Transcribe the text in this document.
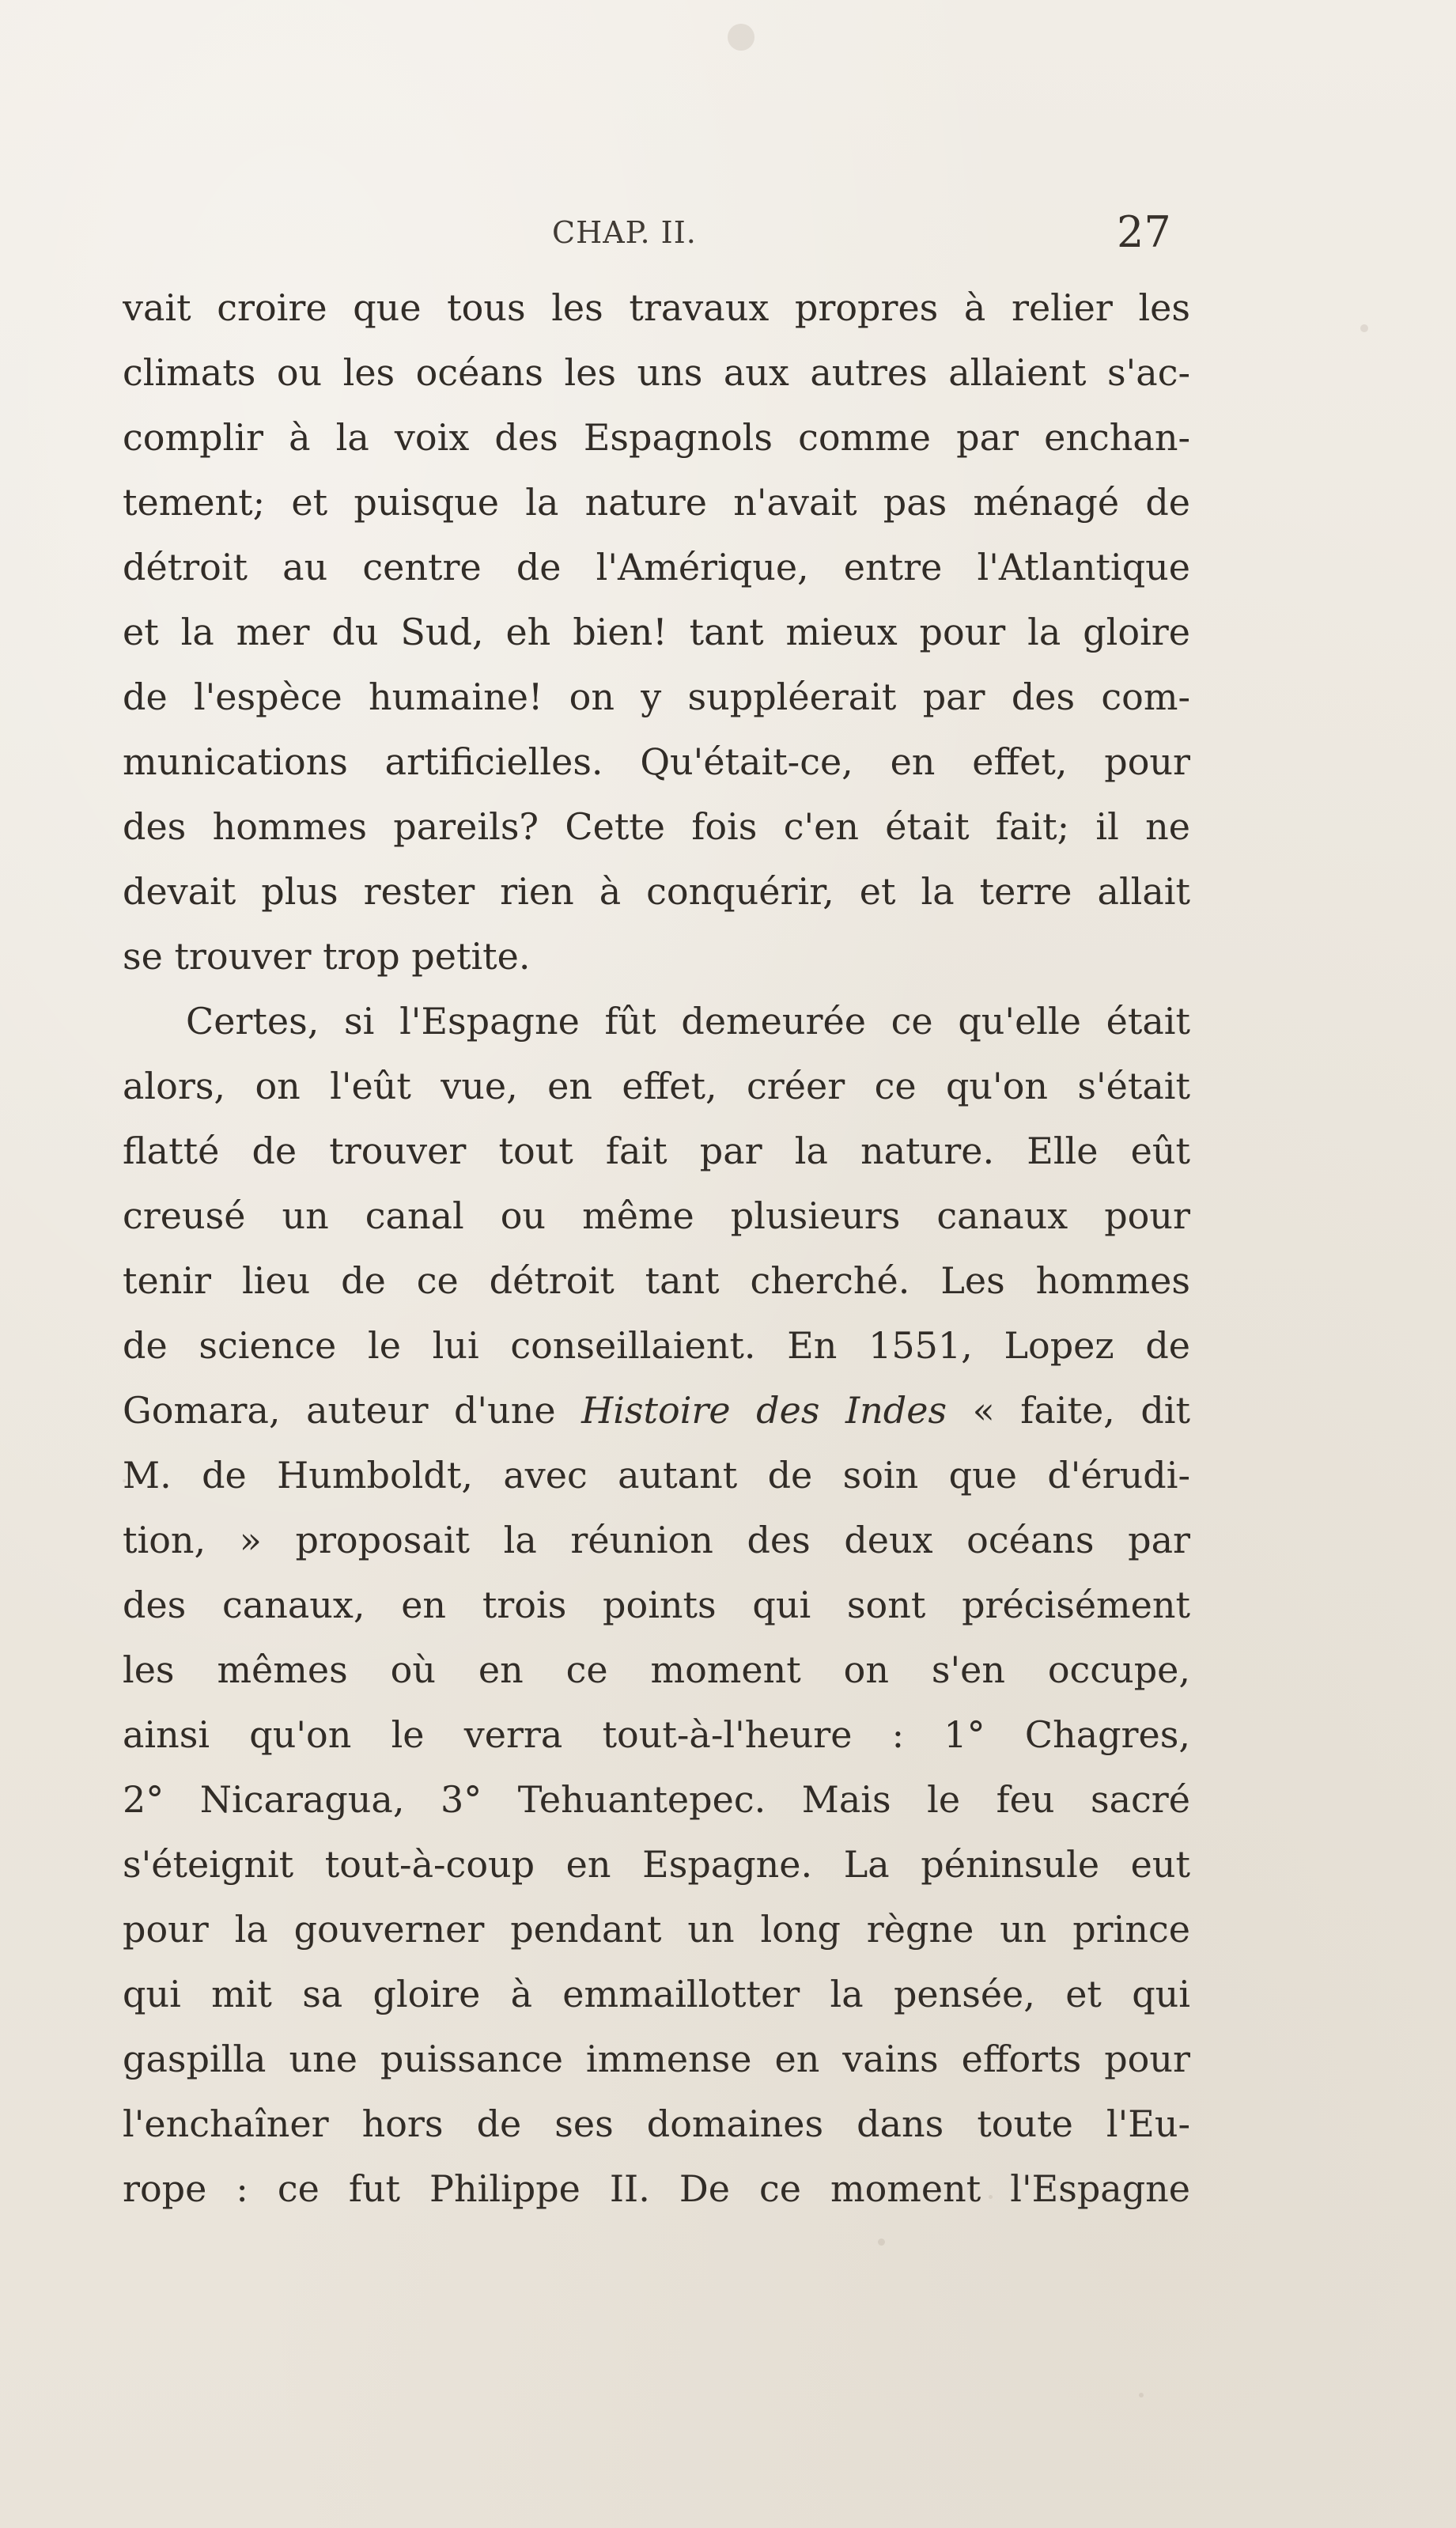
CHAP. II.	27
vait croire que tous les travaux propres à relier les
climats ou les océans les uns aux autres allaient s'ac-
complir à la voix des Espagnols comme par enchan-
tement; et puisque la nature n'avait pas ménagé de
détroit au centre de l'Amérique, entre l'Atlantique
et la mer du Sud, eh bien! tant mieux pour la gloire
de l'espèce humaine! on y suppléerait par des com-
munications artificielles. Qu'était-ce, en effet, pour
des hommes pareils? Cette fois c'en était fait; il ne
devait plus rester rien à conquérir, et la terre allait
se trouver trop petite.
Certes, si l'Espagne fût demeurée ce qu'elle était
alors, on l'eût vue, en effet, créer ce qu'on s'était
flatté de trouver tout fait par la nature. Elle eût
creusé un canal ou même plusieurs canaux pour
tenir lieu de ce détroit tant cherché. Les hommes
de science le lui conseillaient. En 1551, Lopez de
Gomara, auteur d'une Histoire des Indes « faite, dit
M. de Humboldt, avec autant de soin que d'érudi-
tion, » proposait la réunion des deux océans par
des canaux, en trois points qui sont précisément
les mêmes où en ce moment on s'en occupe,
ainsi qu'on le verra tout-à-l'heure : 1° Chagres,
2° Nicaragua, 3° Tehuantepec. Mais le feu sacré
s'éteignit tout-à-coup en Espagne. La péninsule eut
pour la gouverner pendant un long règne un prince
qui mit sa gloire à emmaillotter la pensée, et qui
gaspilla une puissance immense en vains efforts pour
l'enchaîner hors de ses domaines dans toute l'Eu-
rope : ce fut Philippe II. De ce moment l'Espagne
